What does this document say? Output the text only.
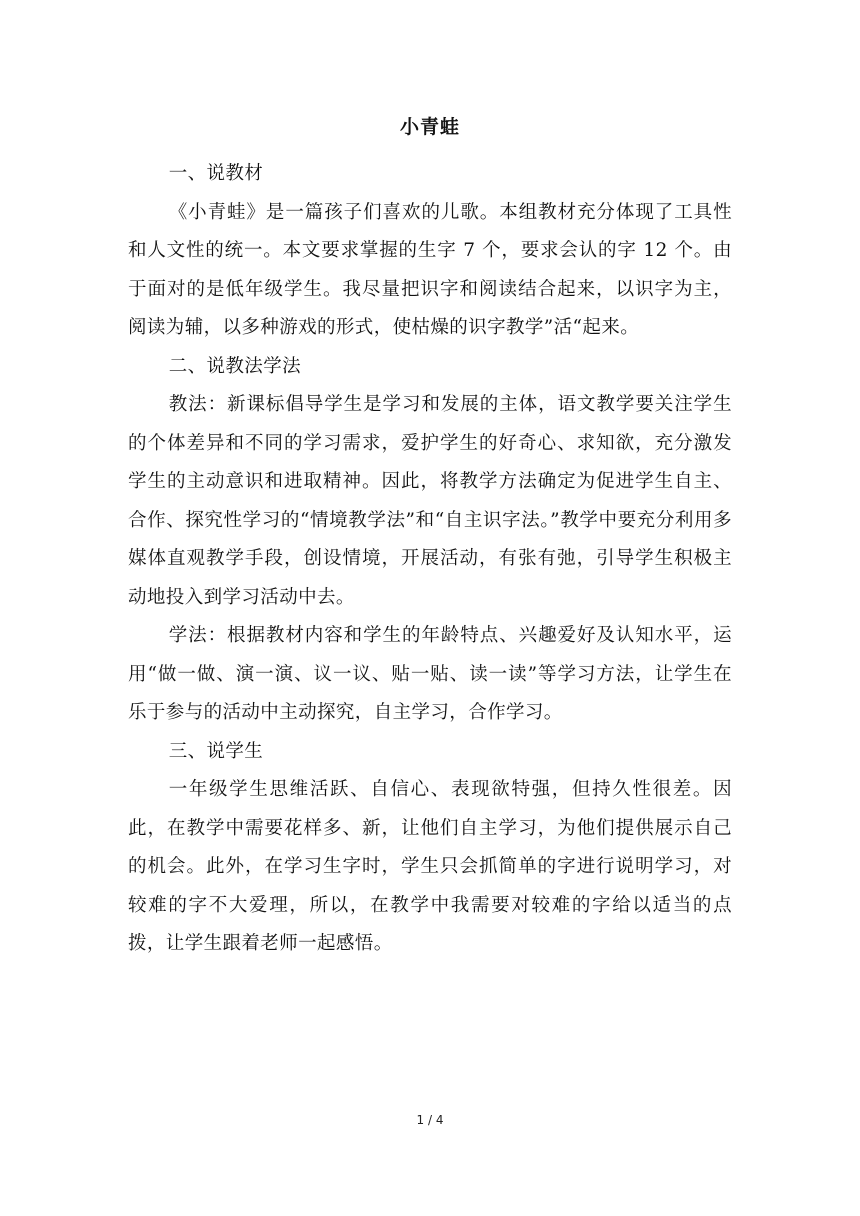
小青蛙

一、说教材

《小青蛙》是一篇孩子们喜欢的儿歌。本组教材充分体现了工具性和人文性的统一。本文要求掌握的生字 7 个，要求会认的字 12 个。由于面对的是低年级学生。我尽量把识字和阅读结合起来，以识字为主，阅读为辅，以多种游戏的形式，使枯燥的识字教学”活“起来。

二、说教法学法

教法：新课标倡导学生是学习和发展的主体，语文教学要关注学生的个体差异和不同的学习需求，爱护学生的好奇心、求知欲，充分激发学生的主动意识和进取精神。因此，将教学方法确定为促进学生自主、合作、探究性学习的“情境教学法”和“自主识字法。”教学中要充分利用多媒体直观教学手段，创设情境，开展活动，有张有弛，引导学生积极主动地投入到学习活动中去。

学法：根据教材内容和学生的年龄特点、兴趣爱好及认知水平，运用“做一做、演一演、议一议、贴一贴、读一读”等学习方法，让学生在乐于参与的活动中主动探究，自主学习，合作学习。

三、说学生

一年级学生思维活跃、自信心、表现欲特强，但持久性很差。因此，在教学中需要花样多、新，让他们自主学习，为他们提供展示自己的机会。此外，在学习生字时，学生只会抓简单的字进行说明学习，对较难的字不大爱理，所以，在教学中我需要对较难的字给以适当的点拨，让学生跟着老师一起感悟。

1 / 4
